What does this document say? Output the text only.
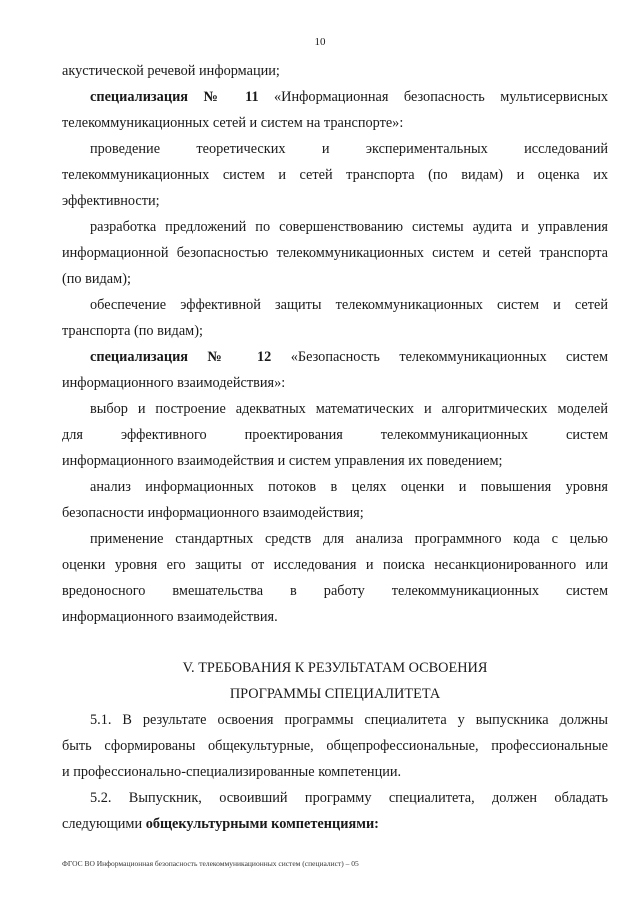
10
акустической речевой информации;
специализация № 11 «Информационная безопасность мультисервисных
телекоммуникационных сетей и систем на транспорте»:
проведение теоретических и экспериментальных исследований
телекоммуникационных систем и сетей транспорта (по видам) и оценка их
эффективности;
разработка предложений по совершенствованию системы аудита и управления
информационной безопасностью телекоммуникационных систем и сетей транспорта
(по видам);
обеспечение эффективной защиты телекоммуникационных систем и сетей
транспорта (по видам);
специализация № 12 «Безопасность телекоммуникационных систем
информационного взаимодействия»:
выбор и построение адекватных математических и алгоритмических моделей
для эффективного проектирования телекоммуникационных систем
информационного взаимодействия и систем управления их поведением;
анализ информационных потоков в целях оценки и повышения уровня
безопасности информационного взаимодействия;
применение стандартных средств для анализа программного кода с целью
оценки уровня его защиты от исследования и поиска несанкционированного или
вредоносного вмешательства в работу телекоммуникационных систем
информационного взаимодействия.
V. ТРЕБОВАНИЯ К РЕЗУЛЬТАТАМ ОСВОЕНИЯ
ПРОГРАММЫ СПЕЦИАЛИТЕТА
5.1. В результате освоения программы специалитета у выпускника должны
быть сформированы общекультурные, общепрофессиональные, профессиональные
и профессионально-специализированные компетенции.
5.2. Выпускник, освоивший программу специалитета, должен обладать
следующими общекультурными компетенциями:
ФГОС ВО Информационная безопасность телекоммуникационных систем (специалист) – 05
